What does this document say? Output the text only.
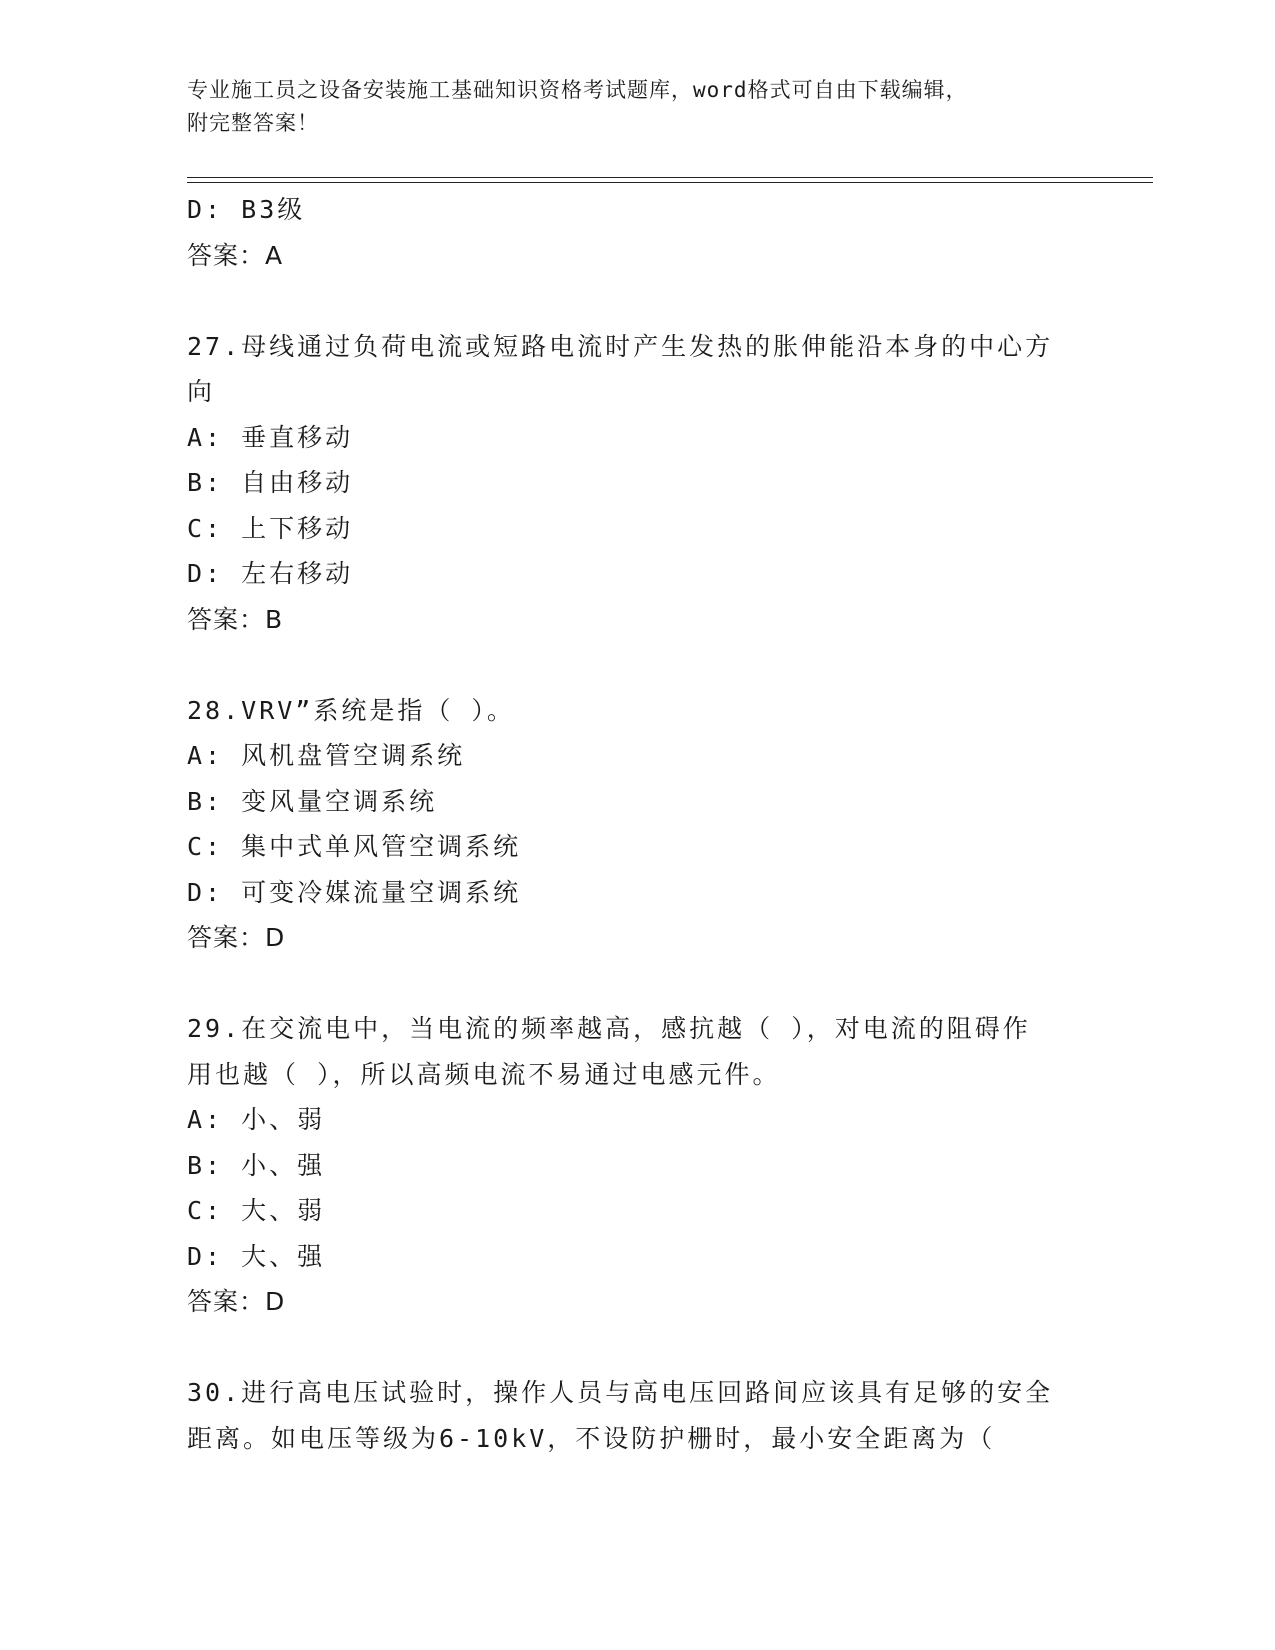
专业施工员之设备安装施工基础知识资格考试题库，word格式可自由下载编辑，
附完整答案！
D: B3级
答案：A
27.母线通过负荷电流或短路电流时产生发热的胀伸能沿本身的中心方
向
A: 垂直移动
B: 自由移动
C: 上下移动
D: 左右移动
答案：B
28.VRV”系统是指（ ）。
A: 风机盘管空调系统
B: 变风量空调系统
C: 集中式单风管空调系统
D: 可变冷媒流量空调系统
答案：D
29.在交流电中，当电流的频率越高，感抗越（ ），对电流的阻碍作
用也越（ ），所以高频电流不易通过电感元件。
A: 小、弱
B: 小、强
C: 大、弱
D: 大、强
答案：D
30.进行高电压试验时，操作人员与高电压回路间应该具有足够的安全
距离。如电压等级为6-10kV，不设防护栅时，最小安全距离为（
